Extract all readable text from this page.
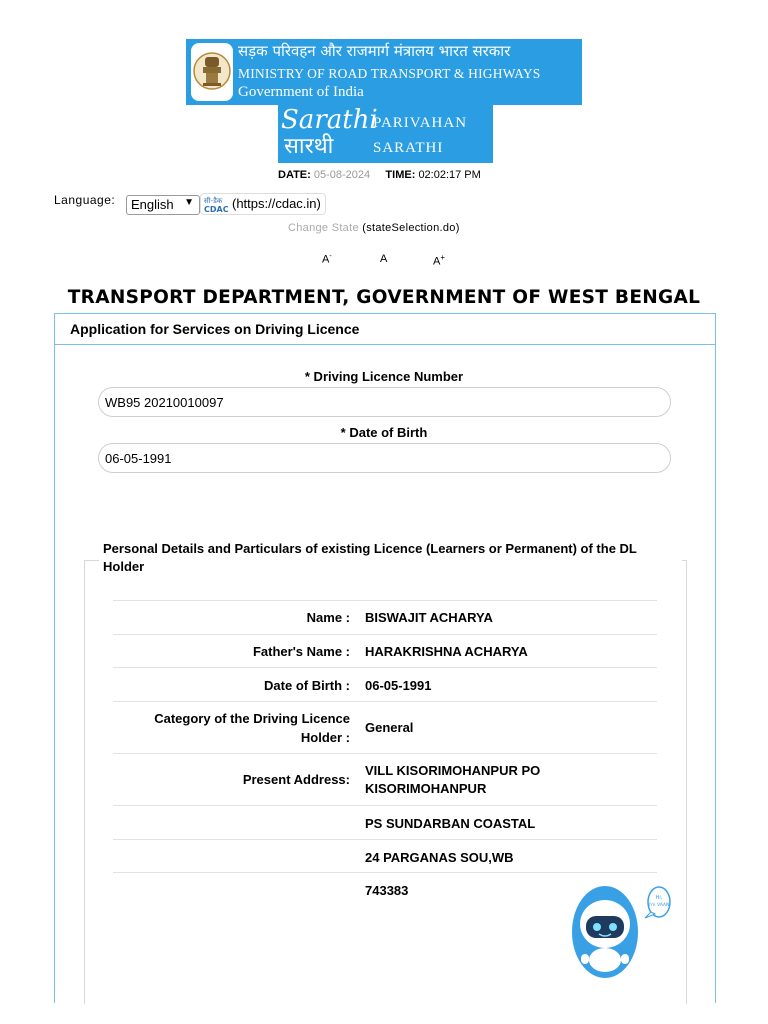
सड़क परिवहन और राजमार्ग मंत्रालय भारत सरकार
MINISTRY OF ROAD TRANSPORT & HIGHWAYS
Government of India
Sarathi
सारथी
PARIVAHAN
SARATHI
DATE: 05-08-2024 TIME: 02:02:17 PM
Language:	English ▼ सी-डैक
CDAC (https://cdac.in)
Change State (stateSelection.do)
A-	A	A+
TRANSPORT DEPARTMENT, GOVERNMENT OF WEST BENGAL
Application for Services on Driving Licence
* Driving Licence Number
WB95 20210010097
* Date of Birth
06-05-1991
Personal Details and Particulars of existing Licence (Learners or Permanent) of the DL Holder
Name : BISWAJIT ACHARYA
Father's Name : HARAKRISHNA ACHARYA
Date of Birth : 06-05-1991
Category of the Driving Licence Holder :
General
Present Address:
VILL KISORIMOHANPUR PO KISORIMOHANPUR
PS SUNDARBAN COASTAL
24 PARGANAS SOU,WB
743383	Hi,
I'm VAAN
